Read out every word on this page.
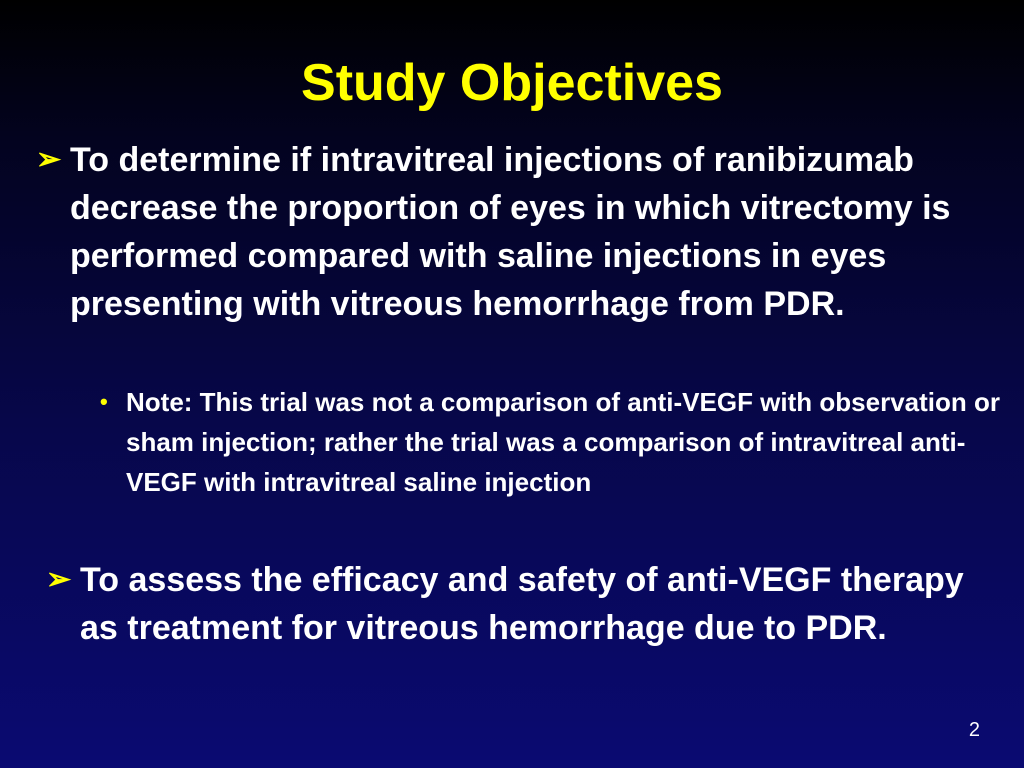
Study Objectives
➢ To determine if intravitreal injections of ranibizumab decrease the proportion of eyes in which vitrectomy is performed compared with saline injections in eyes presenting with vitreous hemorrhage from PDR.
• Note: This trial was not a comparison of anti-VEGF with observation or sham injection; rather the trial was a comparison of intravitreal anti-VEGF with intravitreal saline injection
➢ To assess the efficacy and safety of anti-VEGF therapy as treatment for vitreous hemorrhage due to PDR.
2
